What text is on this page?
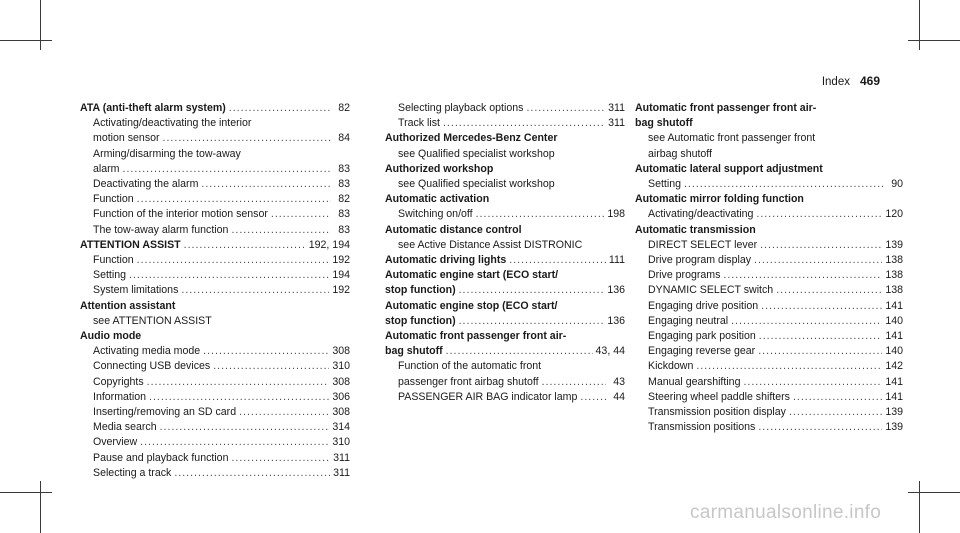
Index 469
ATA (anti-theft alarm system) .....	82
Activating/deactivating the interior
motion sensor .....	84
Arming/disarming the tow-away
alarm .....	83
Deactivating the alarm .....	83
Function .....	82
Function of the interior motion sensor .....	83
The tow-away alarm function .....	83
ATTENTION ASSIST .....	192, 194
Function .....	192
Setting .....	194
System limitations .....	192
Attention assistant
see ATTENTION ASSIST
Audio mode
Activating media mode .....	308
Connecting USB devices .....	310
Copyrights .....	308
Information .....	306
Inserting/removing an SD card .....	308
Media search .....	314
Overview .....	310
Pause and playback function .....	311
Selecting a track .....	311
Selecting playback options .....	311
Track list .....	311
Authorized Mercedes-Benz Center
see Qualified specialist workshop
Authorized workshop
see Qualified specialist workshop
Automatic activation
Switching on/off .....	198
Automatic distance control
see Active Distance Assist DISTRONIC
Automatic driving lights .....	111
Automatic engine start (ECO start/
stop function) .....	136
Automatic engine stop (ECO start/
stop function) .....	136
Automatic front passenger front air-
bag shutoff .....	43, 44
Function of the automatic front
passenger front airbag shutoff .....	43
PASSENGER AIR BAG indicator lamp .....	44
Automatic front passenger front air-
bag shutoff
see Automatic front passenger front
airbag shutoff
Automatic lateral support adjustment
Setting .....	90
Automatic mirror folding function
Activating/deactivating .....	120
Automatic transmission
DIRECT SELECT lever .....	139
Drive program display .....	138
Drive programs .....	138
DYNAMIC SELECT switch .....	138
Engaging drive position .....	141
Engaging neutral .....	140
Engaging park position .....	141
Engaging reverse gear .....	140
Kickdown .....	142
Manual gearshifting .....	141
Steering wheel paddle shifters .....	141
Transmission position display .....	139
Transmission positions .....	139
carmanualsonline.info
